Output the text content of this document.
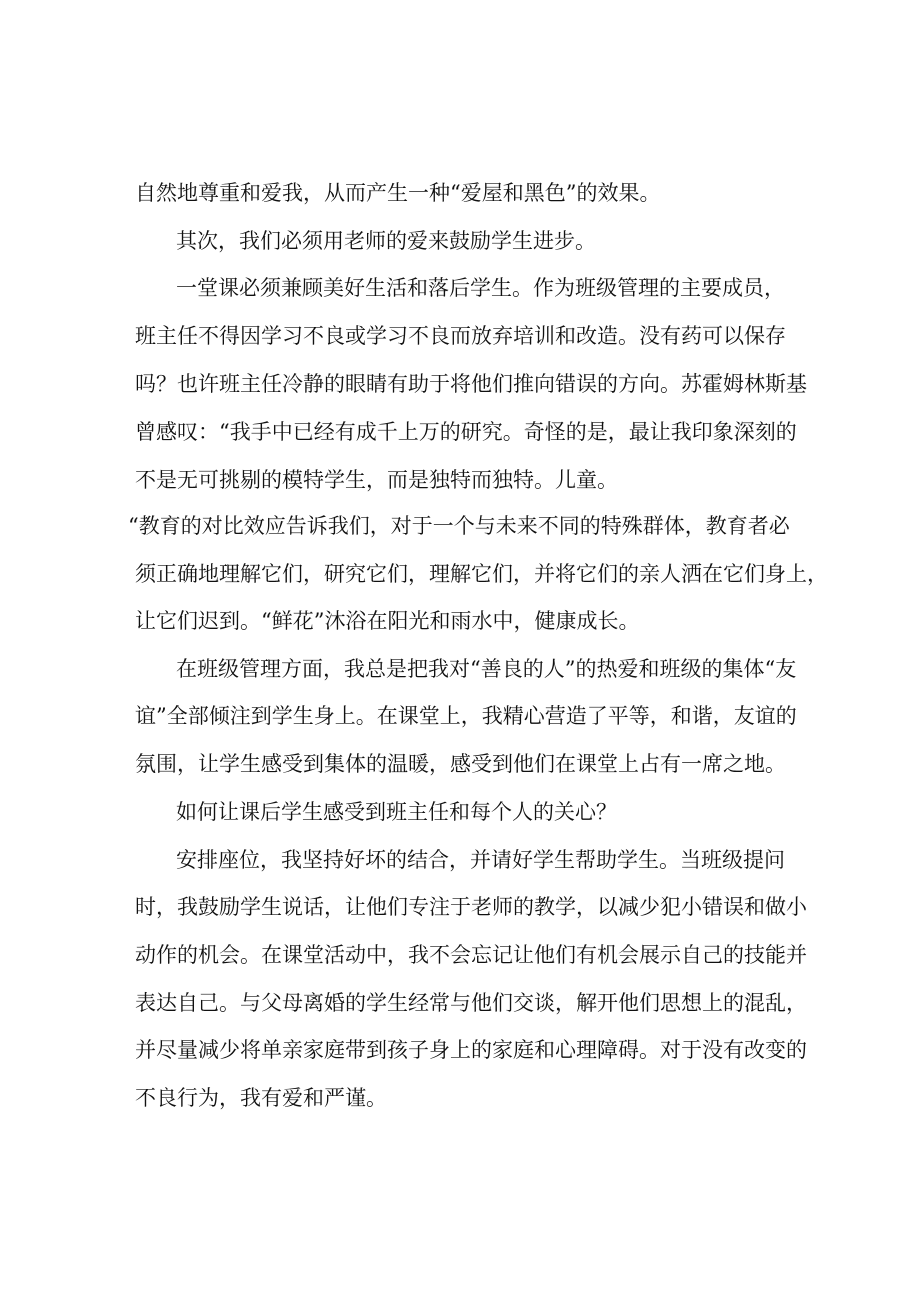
自然地尊重和爱我，从而产生一种“爱屋和黑色”的效果。
其次，我们必须用老师的爱来鼓励学生进步。
一堂课必须兼顾美好生活和落后学生。作为班级管理的主要成员，
班主任不得因学习不良或学习不良而放弃培训和改造。没有药可以保存
吗？也许班主任冷静的眼睛有助于将他们推向错误的方向。苏霍姆林斯基
曾感叹：“我手中已经有成千上万的研究。奇怪的是，最让我印象深刻的
不是无可挑剔的模特学生，而是独特而独特。儿童。
“教育的对比效应告诉我们，对于一个与未来不同的特殊群体，教育者必
须正确地理解它们，研究它们，理解它们，并将它们的亲人洒在它们身上，
让它们迟到。“鲜花”沐浴在阳光和雨水中，健康成长。
在班级管理方面，我总是把我对“善良的人”的热爱和班级的集体“友
谊”全部倾注到学生身上。在课堂上，我精心营造了平等，和谐，友谊的
氛围，让学生感受到集体的温暖，感受到他们在课堂上占有一席之地。
如何让课后学生感受到班主任和每个人的关心？
安排座位，我坚持好坏的结合，并请好学生帮助学生。当班级提问
时，我鼓励学生说话，让他们专注于老师的教学，以减少犯小错误和做小
动作的机会。在课堂活动中，我不会忘记让他们有机会展示自己的技能并
表达自己。与父母离婚的学生经常与他们交谈，解开他们思想上的混乱，
并尽量减少将单亲家庭带到孩子身上的家庭和心理障碍。对于没有改变的
不良行为，我有爱和严谨。
